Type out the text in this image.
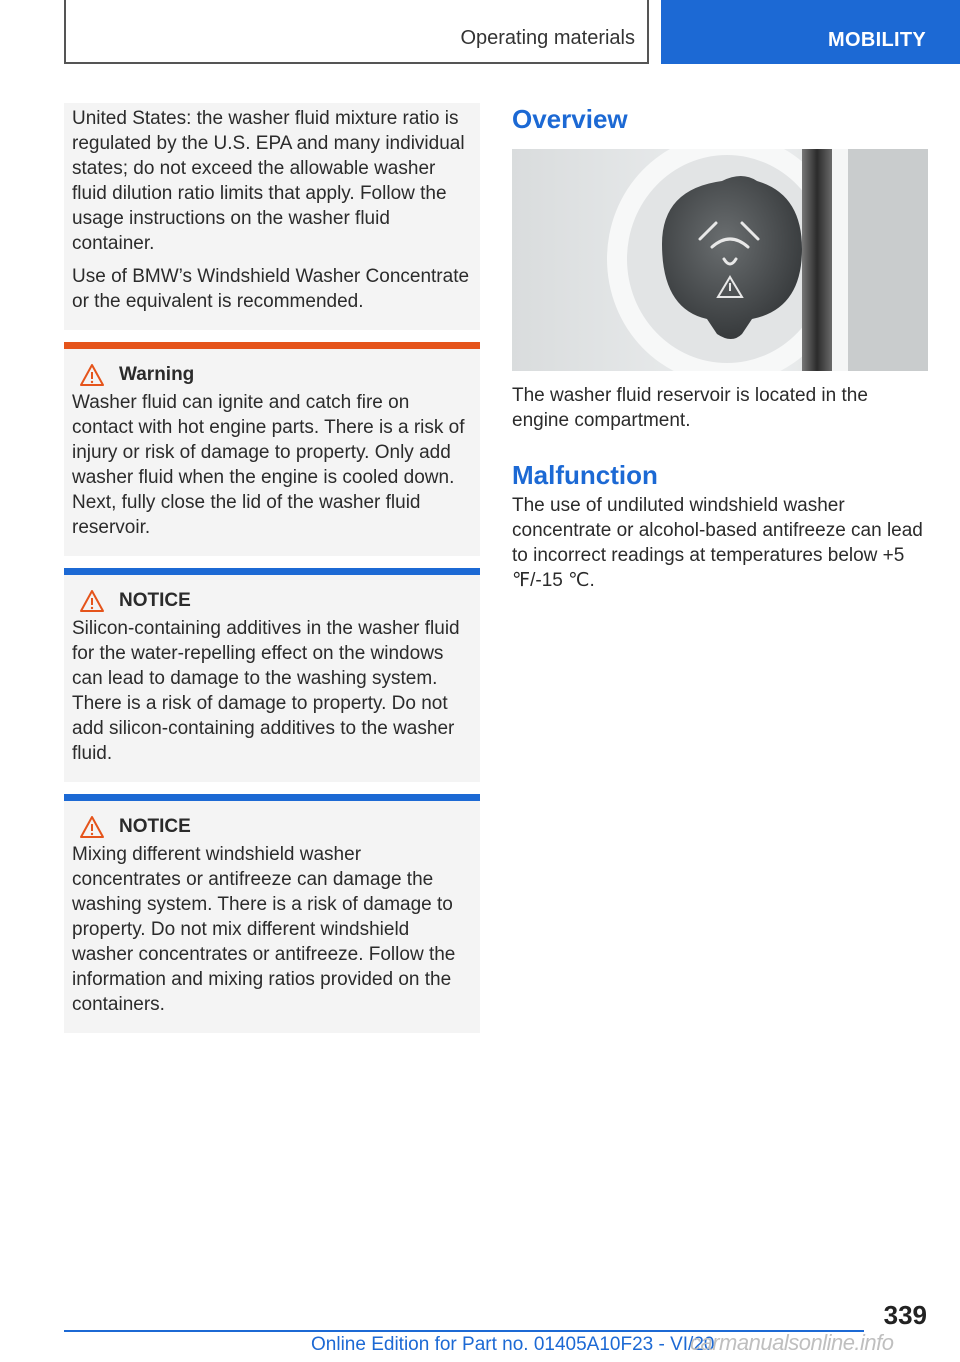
Operating materials	MOBILITY

United States: the washer fluid mixture ratio is regulated by the U.S. EPA and many individual states; do not exceed the allowable washer fluid dilution ratio limits that apply. Follow the usage instructions on the washer fluid container.

Use of BMW’s Windshield Washer Concentrate or the equivalent is recommended.

Warning

Washer fluid can ignite and catch fire on contact with hot engine parts. There is a risk of injury or risk of damage to property. Only add washer fluid when the engine is cooled down. Next, fully close the lid of the washer fluid reservoir.

NOTICE

Silicon-containing additives in the washer fluid for the water-repelling effect on the windows can lead to damage to the washing system. There is a risk of damage to property. Do not add silicon-containing additives to the washer fluid.

NOTICE

Mixing different windshield washer concentrates or antifreeze can damage the washing system. There is a risk of damage to property. Do not mix different windshield washer concentrates or antifreeze. Follow the information and mixing ratios provided on the containers.

Overview

The washer fluid reservoir is located in the engine compartment.

Malfunction

The use of undiluted windshield washer concentrate or alcohol-based antifreeze can lead to incorrect readings at temperatures below +5 ℉/-15 ℃.

339
Online Edition for Part no. 01405A10F23 - VI/20
carmanualsonline.info
